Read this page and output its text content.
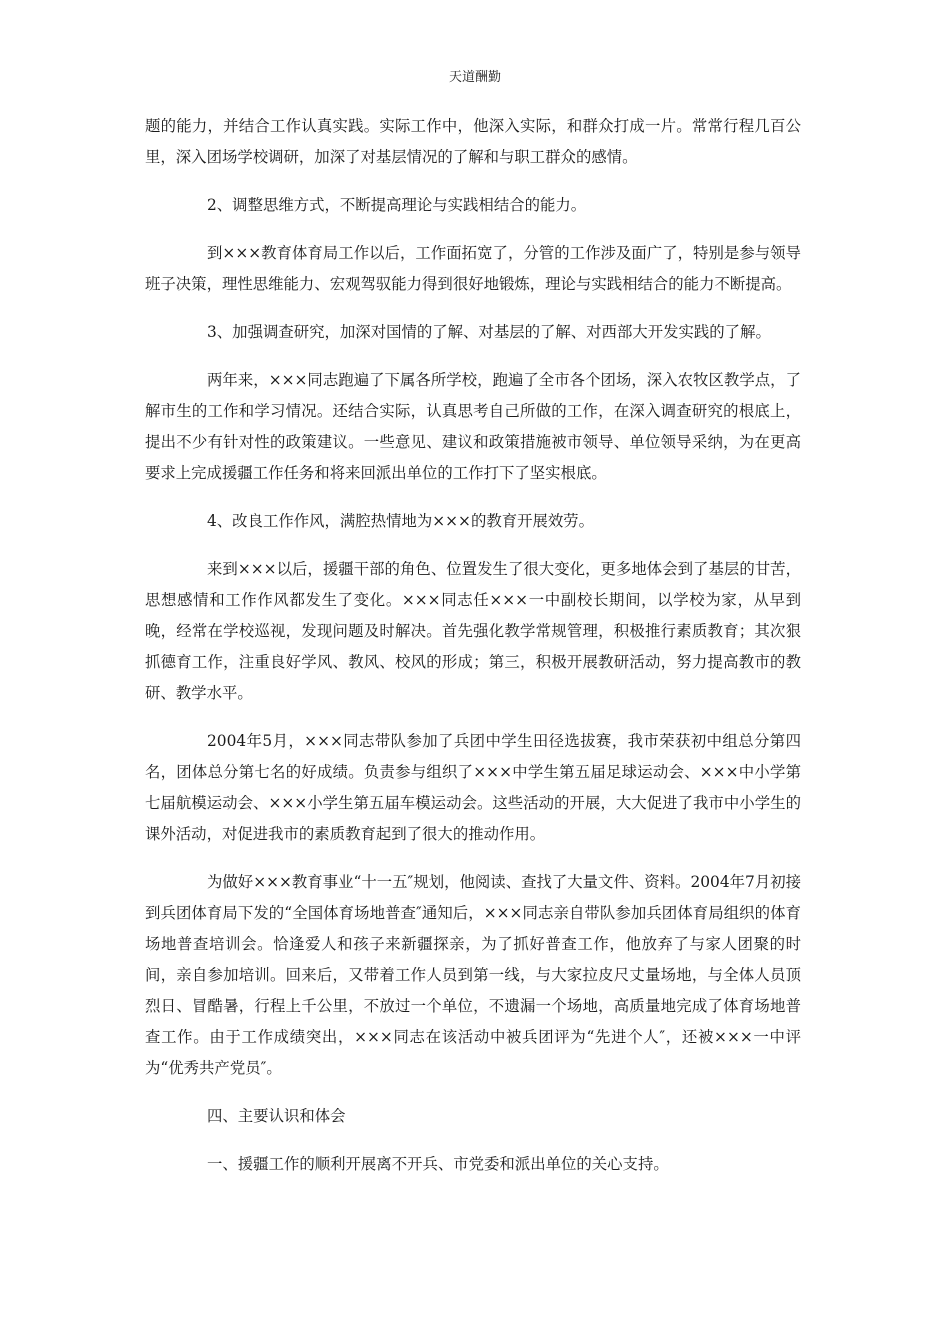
天道酬勤

题的能力，并结合工作认真实践。实际工作中，他深入实际，和群众打成一片。常常行程几百公里，深入团场学校调研，加深了对基层情况的了解和与职工群众的感情。

2、调整思维方式，不断提高理论与实践相结合的能力。

到×××教育体育局工作以后，工作面拓宽了，分管的工作涉及面广了，特别是参与领导班子决策，理性思维能力、宏观驾驭能力得到很好地锻炼，理论与实践相结合的能力不断提高。

3、加强调查研究，加深对国情的了解、对基层的了解、对西部大开发实践的了解。

两年来，×××同志跑遍了下属各所学校，跑遍了全市各个团场，深入农牧区教学点，了解市生的工作和学习情况。还结合实际，认真思考自己所做的工作，在深入调查研究的根底上，提出不少有针对性的政策建议。一些意见、建议和政策措施被市领导、单位领导采纳，为在更高要求上完成援疆工作任务和将来回派出单位的工作打下了坚实根底。

4、改良工作作风，满腔热情地为×××的教育开展效劳。

来到×××以后，援疆干部的角色、位置发生了很大变化，更多地体会到了基层的甘苦，思想感情和工作作风都发生了变化。×××同志任×××一中副校长期间，以学校为家，从早到晚，经常在学校巡视，发现问题及时解决。首先强化教学常规管理，积极推行素质教育；其次狠抓德育工作，注重良好学风、教风、校风的形成；第三，积极开展教研活动，努力提高教市的教研、教学水平。

2004年5月，×××同志带队参加了兵团中学生田径选拔赛，我市荣获初中组总分第四名，团体总分第七名的好成绩。负责参与组织了×××中学生第五届足球运动会、×××中小学第七届航模运动会、×××小学生第五届车模运动会。这些活动的开展，大大促进了我市中小学生的课外活动，对促进我市的素质教育起到了很大的推动作用。

为做好×××教育事业“十一五″规划，他阅读、查找了大量文件、资料。2004年7月初接到兵团体育局下发的“全国体育场地普查″通知后，×××同志亲自带队参加兵团体育局组织的体育场地普查培训会。恰逢爱人和孩子来新疆探亲，为了抓好普查工作，他放弃了与家人团聚的时间，亲自参加培训。回来后，又带着工作人员到第一线，与大家拉皮尺丈量场地，与全体人员顶烈日、冒酷暑，行程上千公里，不放过一个单位，不遗漏一个场地，高质量地完成了体育场地普查工作。由于工作成绩突出，×××同志在该活动中被兵团评为“先进个人″，还被×××一中评为“优秀共产党员″。

四、主要认识和体会

一、援疆工作的顺利开展离不开兵、市党委和派出单位的关心支持。
